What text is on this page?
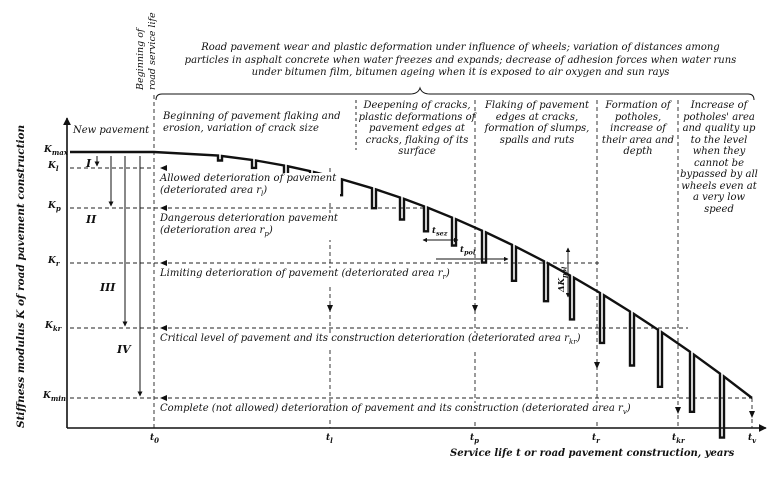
Stiffness modulus K of road pavement construction
Beginning of road service life
$K_{max}$
$K_l$
$K_p$
$K_r$
$K_{kr}$
$K_{min}$
$t_0$	$t_l$	$t_p$	$t_r$	$t_{kr}$	$t_v$
Service life t or road pavement construction, years
Road pavement wear and plastic deformation under influence of wheels; variation of distances among particles in asphalt concrete when water freezes and expands; decrease of adhesion forces when water runs under bitumen film, bitumen ageing when it is exposed to air oxygen and sun rays
New pavement
Beginning of pavement flaking and erosion, variation of crack size
Deepening of cracks, plastic deformations of pavement edges at cracks, flaking of its surface
Flaking of pavement edges at cracks, formation of slumps, spalls and ruts
Formation of potholes, increase of their area and depth
Increase of potholes' area and quality up to the level when they cannot be bypassed by all wheels even at a very low speed
I
II
III
IV
Allowed deterioration of pavement (deteriorated area $r_l$)
Dangerous deterioration pavement (deterioration area $r_p$)
Limiting deterioration of pavement (deteriorated area $r_r$)
Critical level of pavement and its construction deterioration (deteriorated area $r_{kr}$)
Complete (not allowed) deterioration of pavement and its construction (deteriorated area $r_v$)
$t_{sez}$
$t_{pol}$
$\Delta K_{pol}$
